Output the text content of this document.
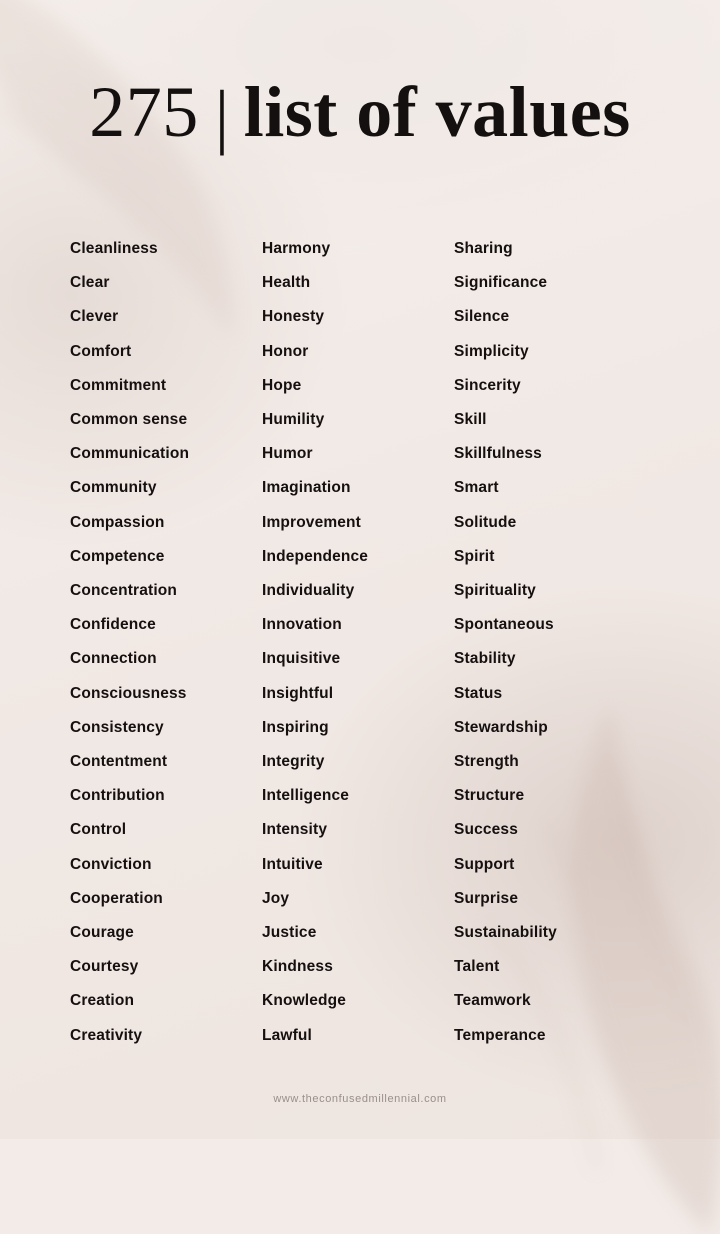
275 | list of values
Cleanliness
Clear
Clever
Comfort
Commitment
Common sense
Communication
Community
Compassion
Competence
Concentration
Confidence
Connection
Consciousness
Consistency
Contentment
Contribution
Control
Conviction
Cooperation
Courage
Courtesy
Creation
Creativity
Harmony
Health
Honesty
Honor
Hope
Humility
Humor
Imagination
Improvement
Independence
Individuality
Innovation
Inquisitive
Insightful
Inspiring
Integrity
Intelligence
Intensity
Intuitive
Joy
Justice
Kindness
Knowledge
Lawful
Sharing
Significance
Silence
Simplicity
Sincerity
Skill
Skillfulness
Smart
Solitude
Spirit
Spirituality
Spontaneous
Stability
Status
Stewardship
Strength
Structure
Success
Support
Surprise
Sustainability
Talent
Teamwork
Temperance
www.theconfusedmillennial.com
